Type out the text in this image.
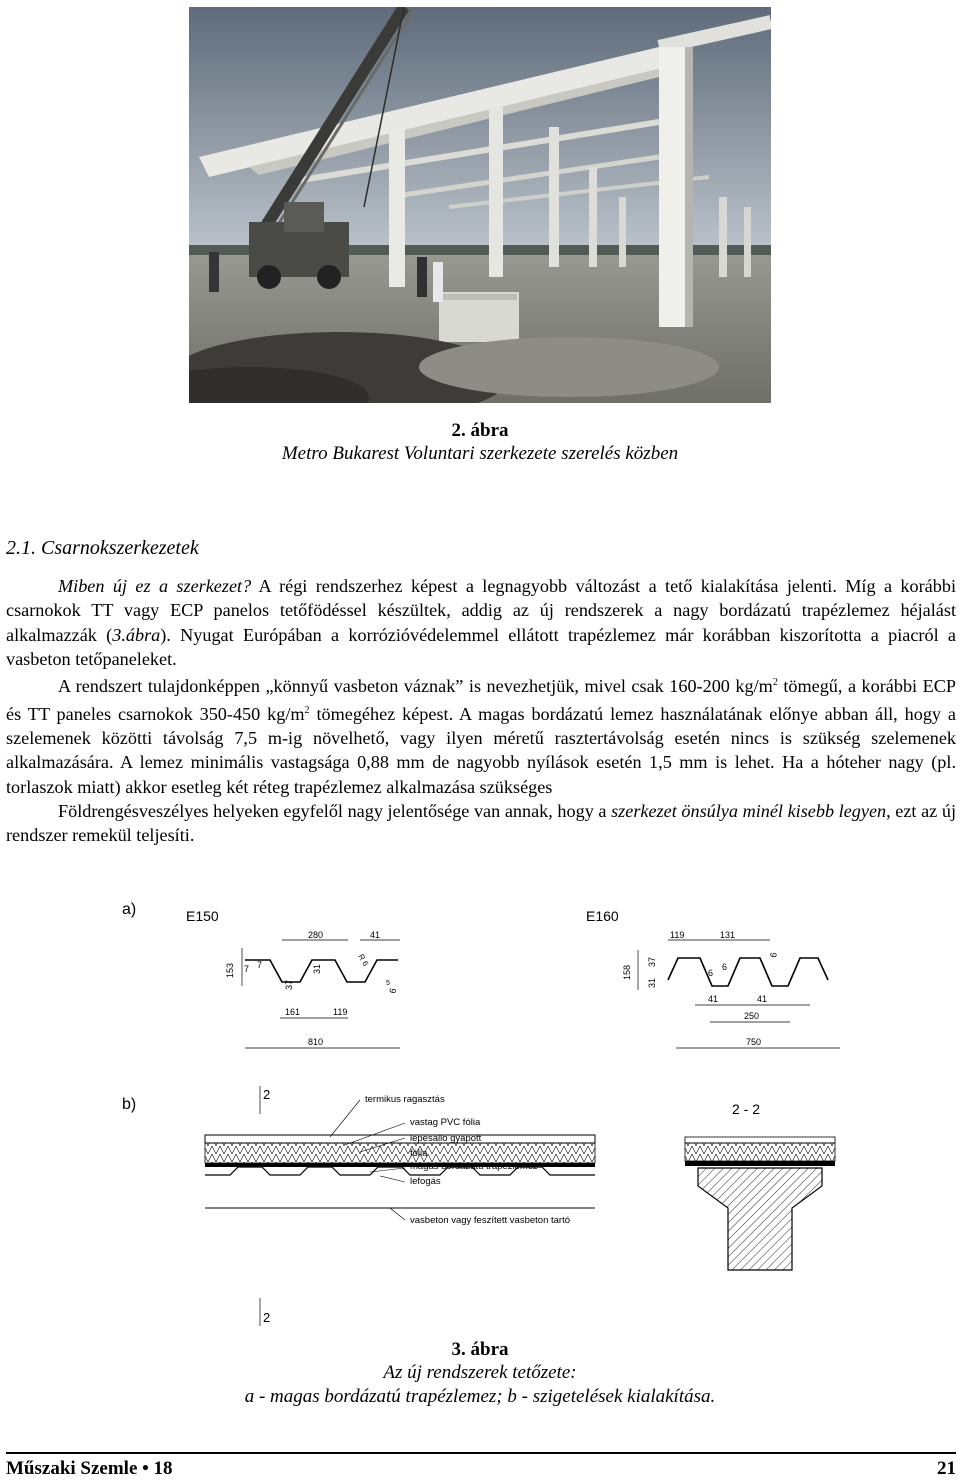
2. ábra
Metro Bukarest Voluntari szerkezete szerelés közben
2.1. Csarnokszerkezetek

Miben új ez a szerkezet? A régi rendszerhez képest a legnagyobb változást a tető kialakítása jelenti. Míg a korábbi csarnokok TT vagy ECP panelos tetőfödéssel készültek, addig az új rendszerek a nagy bordázatú trapézlemez héjalást alkalmazzák (3.ábra). Nyugat Európában a korrózióvédelemmel ellátott trapézlemez már korábban kiszorította a piacról a vasbeton tetőpaneleket.

A rendszert tulajdonképpen „könnyű vasbeton váznak” is nevezhetjük, mivel csak 160-200 $kg/m^2$ tömegű, a korábbi ECP és TT paneles csarnokok 350-450 $kg/m^2$ tömegéhez képest. A magas bordázatú lemez használatának előnye abban áll, hogy a szelemenek közötti távolság 7,5 m-ig növelhető, vagy ilyen méretű rasztertávolság esetén nincs is szükség szelemenek alkalmazására. A lemez minimális vastagsága 0,88 mm de nagyobb nyílások esetén 1,5 mm is lehet. Ha a hóteher nagy (pl. torlaszok miatt) akkor esetleg két réteg trapézlemez alkalmazása szükséges

Földrengésveszélyes helyeken egyfelől nagy jelentősége van annak, hogy a szerkezet önsúlya minél kisebb legyen, ezt az új rendszer remekül teljesíti.

a)
b)
E150
280	41
153 7 7
37
31
R 6
5
6
161	119
810
E160
119	131
158
31
37
6
6
6
41	41
250
750
2
2 - 2
termikus ragasztás
vastag PVC fólia
lépésálló gyapott
fólia
magas bordázatú trapézlemez
lefogás
vasbeton vagy feszített vasbeton tartó
2
3. ábra
Az új rendszerek tetőzete:
a - magas bordázatú trapézlemez; b - szigetelések kialakítása.
Műszaki Szemle • 18	21
